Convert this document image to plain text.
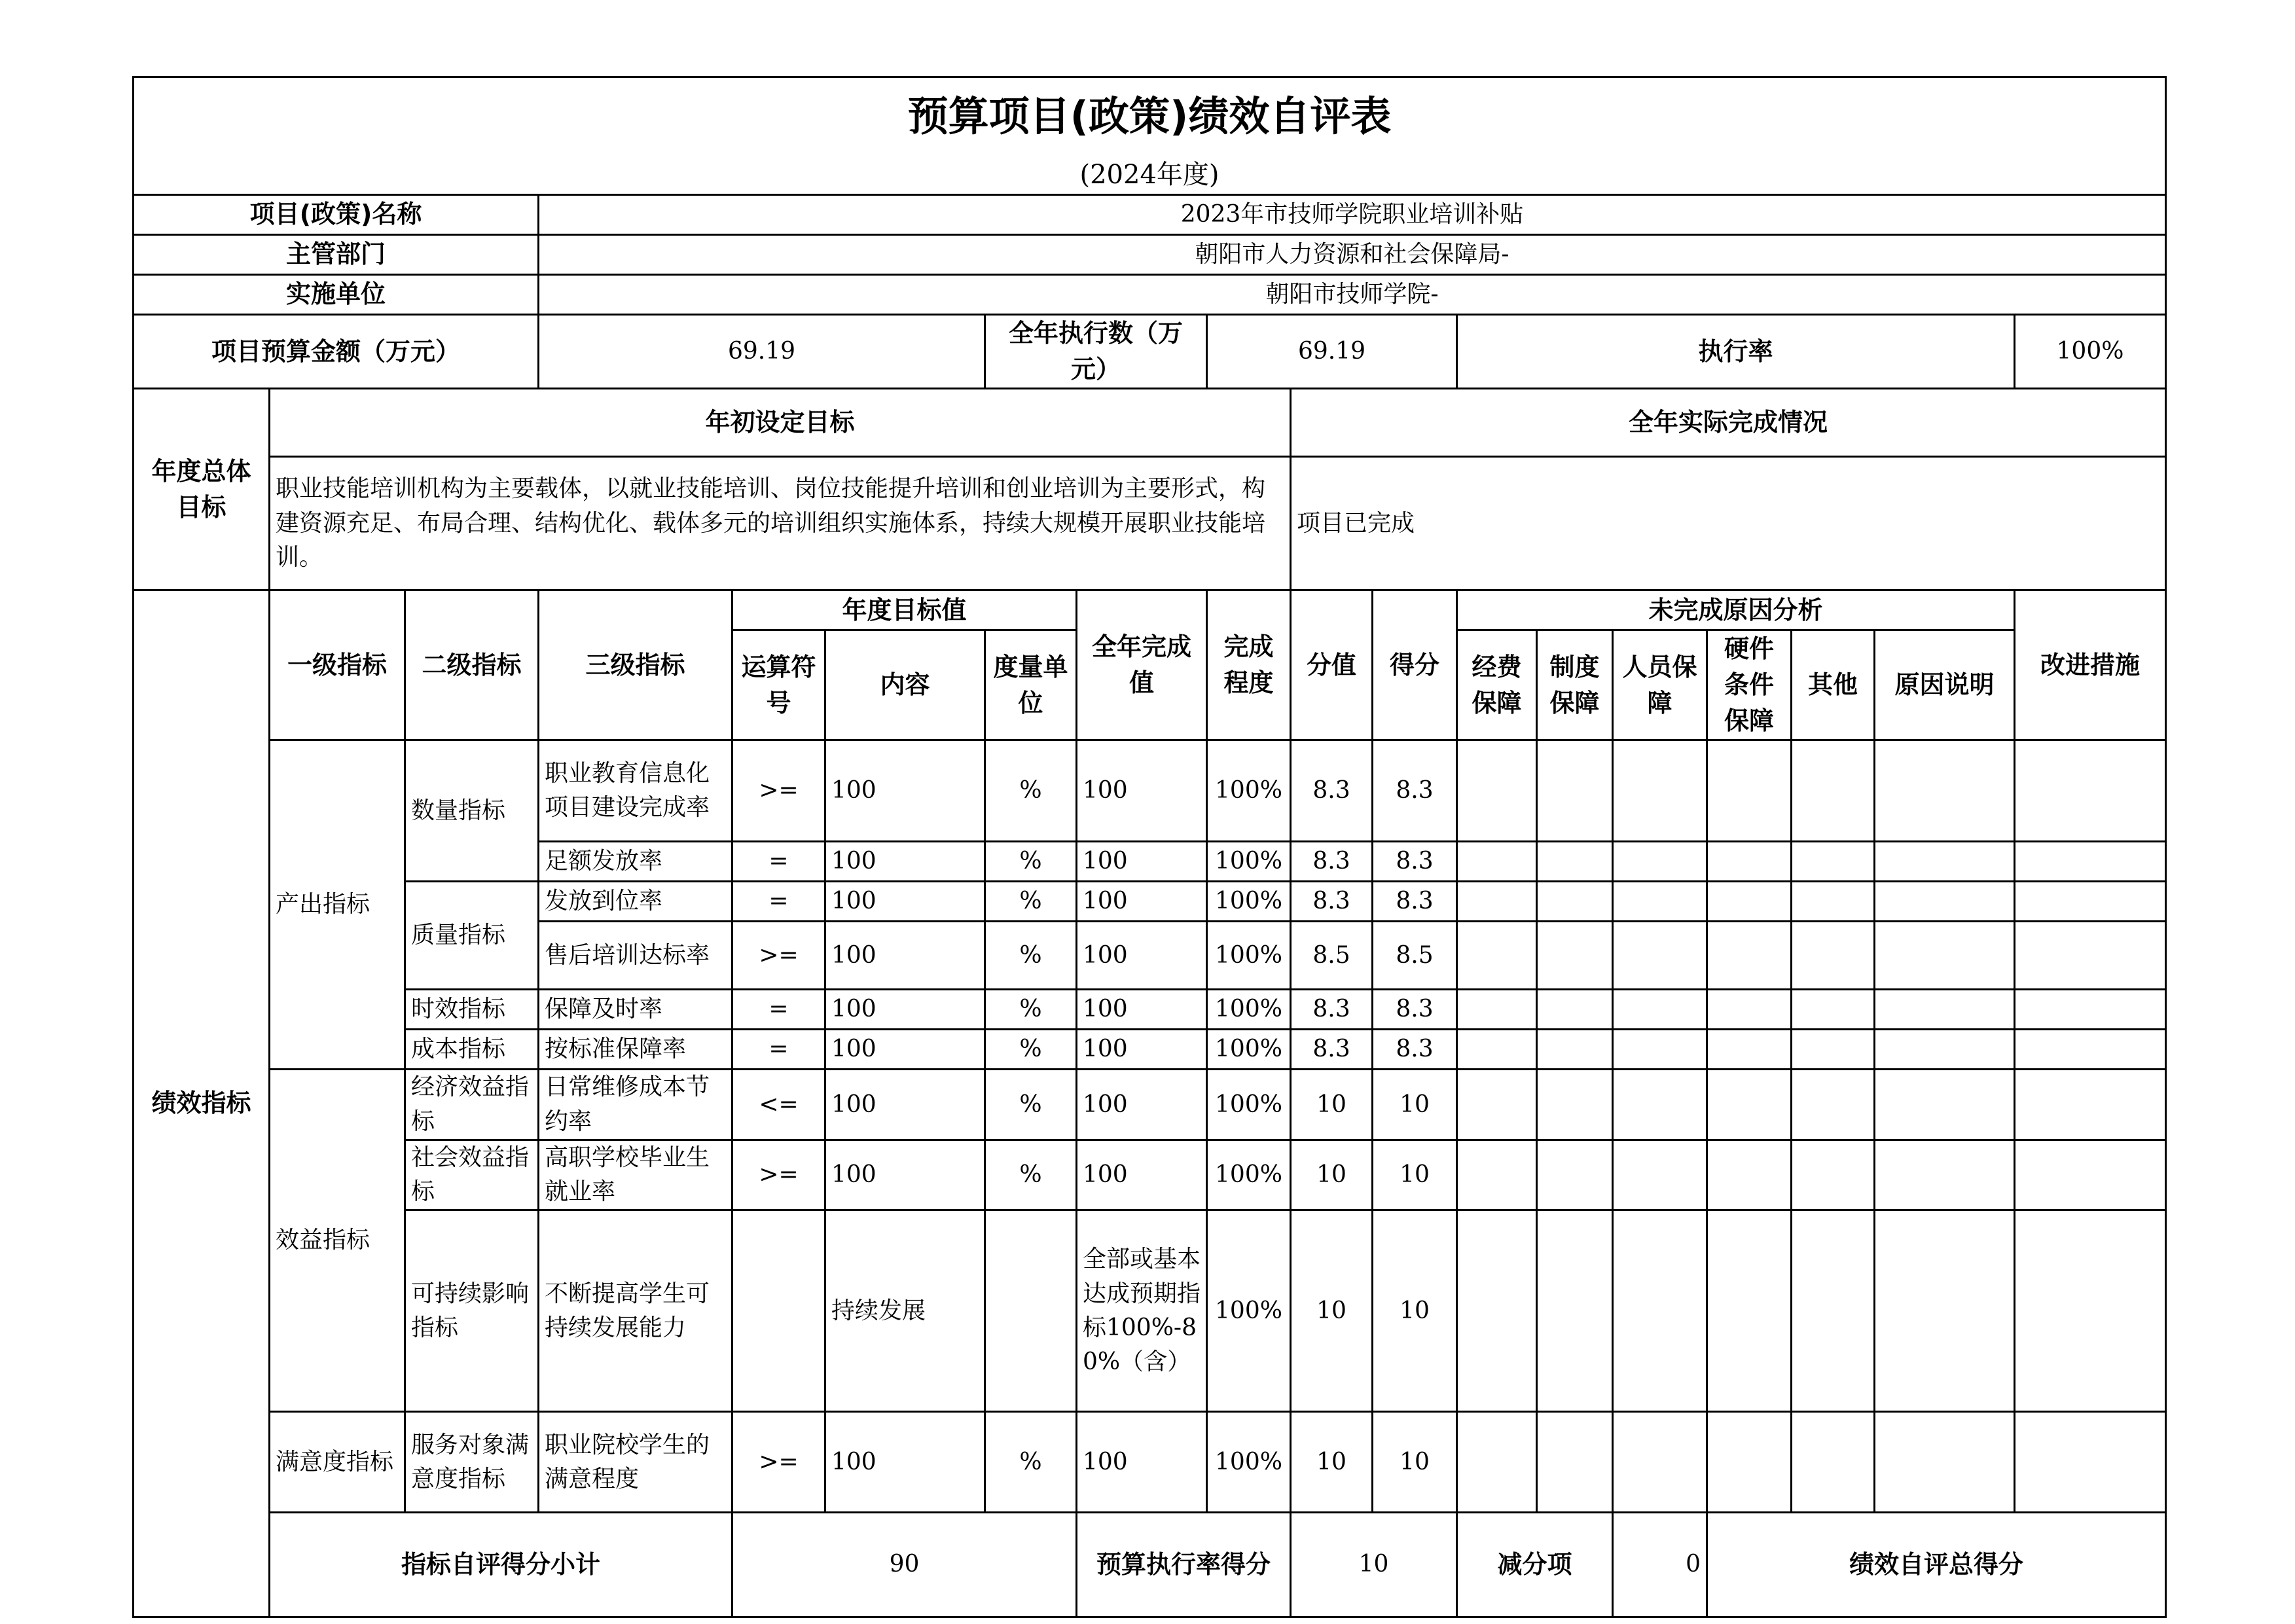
预算项目(政策)绩效自评表																		
(2024年度)																		
项目(政策)名称			2023年市技师学院职业培训补贴															
主管部门			朝阳市人力资源和社会保障局-															
实施单位			朝阳市技师学院-															
项目预算金额（万元）			69.19			全年执行数（万元）		69.19			执行率						100%	
年度总体目标	年初设定目标								全年实际完成情况									
	职业技能培训机构为主要载体，以就业技能培训、岗位技能提升培训和创业培训为主要形式，构建资源充足、布局合理、结构优化、载体多元的培训组织实施体系，持续大规模开展职业技能培训。								项目已完成									
绩效指标	一级指标	二级指标	三级指标	年度目标值			全年完成值	完成程度	分值	得分	未完成原因分析						改进措施	
				运算符号	内容	度量单位					经费保障	制度保障	人员保障	硬件条件保障	其他	原因说明		
	产出指标	数量指标	职业教育信息化项目建设完成率	>=	100	%	100	100%	8.3	8.3								
			足额发放率	=	100	%	100	100%	8.3	8.3								
		质量指标	发放到位率	=	100	%	100	100%	8.3	8.3								
			售后培训达标率	>=	100	%	100	100%	8.5	8.5								
		时效指标	保障及时率	=	100	%	100	100%	8.3	8.3								
		成本指标	按标准保障率	=	100	%	100	100%	8.3	8.3								
	效益指标	经济效益指标	日常维修成本节约率	<=	100	%	100	100%	10	10								
		社会效益指标	高职学校毕业生就业率	>=	100	%	100	100%	10	10								
		可持续影响指标	不断提高学生可持续发展能力		持续发展		全部或基本达成预期指标100%-80%（含）	100%	10	10								
	满意度指标	服务对象满意度指标	职业院校学生的满意程度	>=	100	%	100	100%	10	10								
	指标自评得分小计			90			预算执行率得分		10		减分项		0	绩效自评总得分	
